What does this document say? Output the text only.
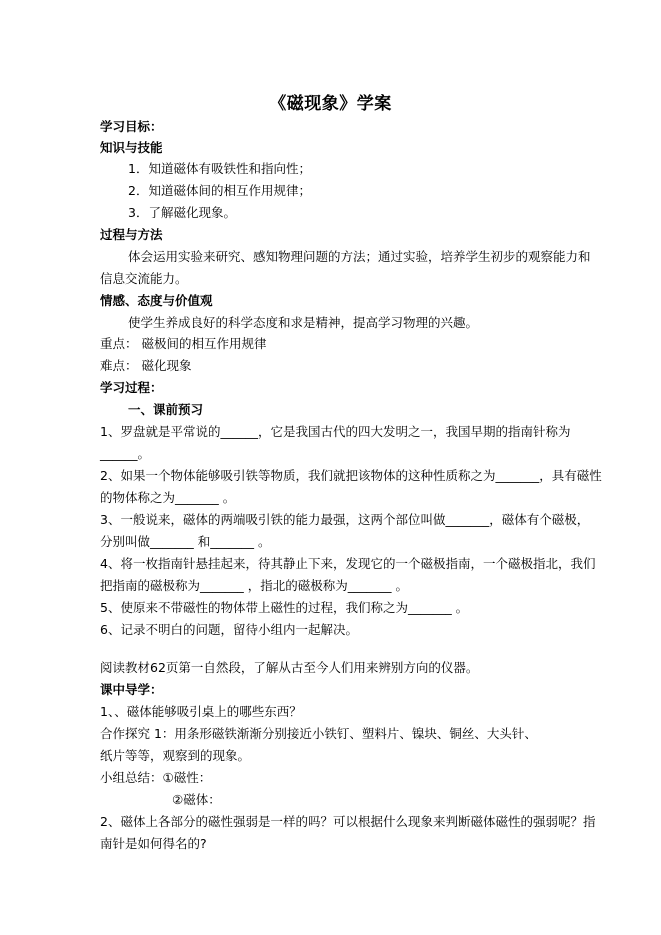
《磁现象》学案
学习目标：
知识与技能
1．知道磁体有吸铁性和指向性；
2．知道磁体间的相互作用规律；
3．了解磁化现象。
过程与方法
体会运用实验来研究、感知物理问题的方法；通过实验，培养学生初步的观察能力和
信息交流能力。
情感、态度与价值观
使学生养成良好的科学态度和求是精神，提高学习物理的兴趣。
重点： 磁极间的相互作用规律
难点： 磁化现象
学习过程：
一、课前预习
1、罗盘就是平常说的______，它是我国古代的四大发明之一，我国早期的指南针称为
______。
2、如果一个物体能够吸引铁等物质，我们就把该物体的这种性质称之为_______，具有磁性
的物体称之为_______ 。
3、一般说来，磁体的两端吸引铁的能力最强，这两个部位叫做_______，磁体有个磁极，
分别叫做_______ 和_______ 。
4、将一枚指南针悬挂起来，待其静止下来，发现它的一个磁极指南，一个磁极指北，我们
把指南的磁极称为_______ ，指北的磁极称为_______ 。
5、使原来不带磁性的物体带上磁性的过程，我们称之为_______ 。
6、记录不明白的问题，留待小组内一起解决。
阅读教材62页第一自然段，了解从古至今人们用来辨别方向的仪器。
课中导学：
1、、磁体能够吸引桌上的哪些东西？
合作探究 1：用条形磁铁渐渐分别接近小铁钉、塑料片、镍块、铜丝、大头针、
纸片等等，观察到的现象。
小组总结：①磁性：
②磁体：
2、磁体上各部分的磁性强弱是一样的吗？可以根据什么现象来判断磁体磁性的强弱呢？指
南针是如何得名的?
